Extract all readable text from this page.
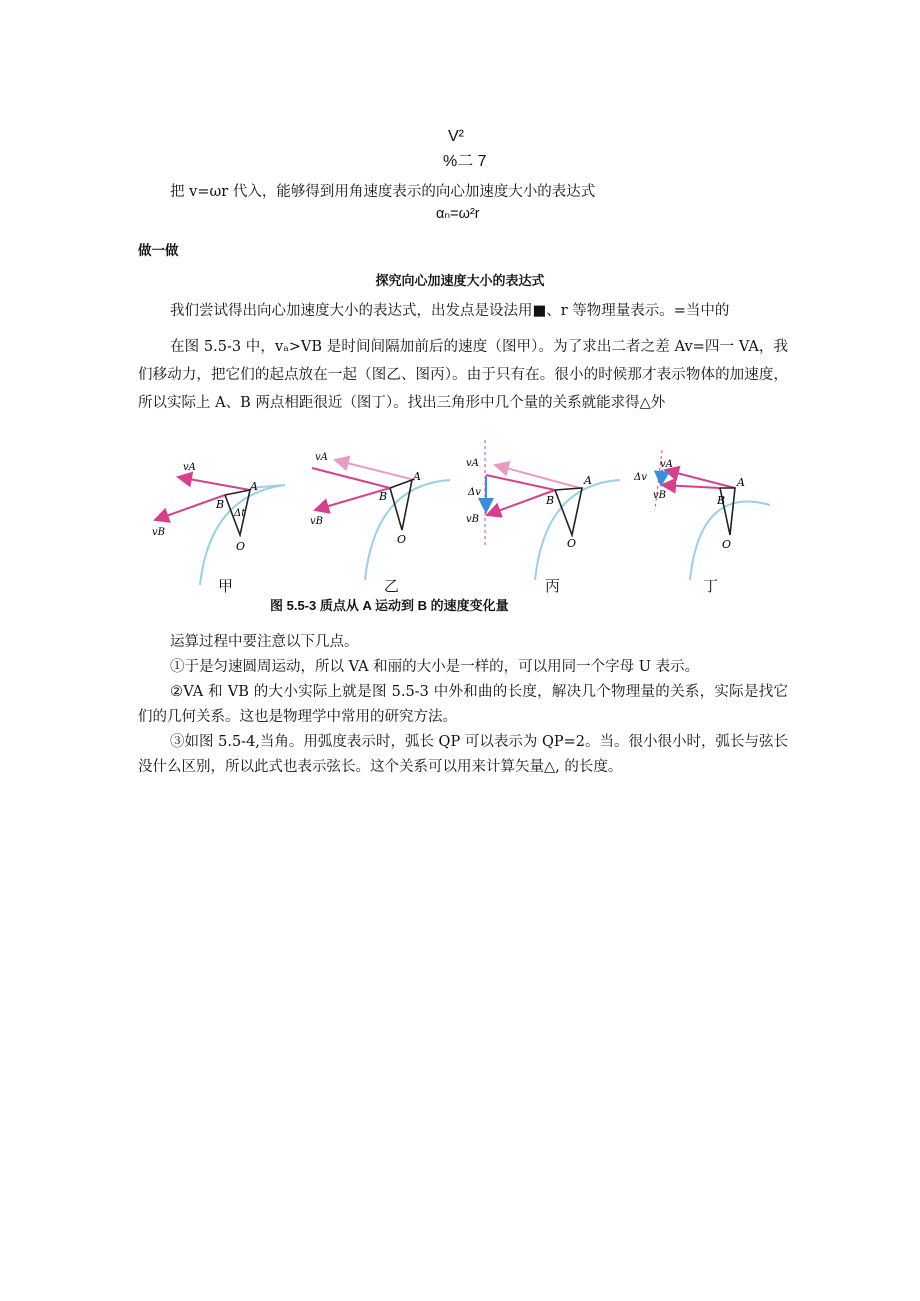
V²
%二 7
把 v=ωr 代入，能够得到用角速度表示的向心加速度大小的表达式
αₙ=ω²r
做一做
探究向心加速度大小的表达式

我们尝试得出向心加速度大小的表达式，出发点是设法用■、r 等物理量表示。=当中的

在图 5.5-3 中，vₐ>VB 是时间间隔加前后的速度（图甲）。为了求出二者之差 Av=四一 VA，我们移动力，把它们的起点放在一起（图乙、图丙）。由于只有在。很小的时候那才表示物体的加速度，所以实际上 A、B 两点相距很近（图丁）。找出三角形中几个量的关系就能求得△外

vA
vB
A
B
Δt
O
vA
vB
A
B
O
vA
Δv
vB
A
B
O
vA
Δv
vB
A
B
O
甲	乙	丙	丁
图 5.5-3 质点从 A 运动到 B 的速度变化量

运算过程中要注意以下几点。

①于是匀速圆周运动，所以 VA 和丽的大小是一样的，可以用同一个字母 U 表示。

②VA 和 VB 的大小实际上就是图 5.5-3 中外和曲的长度，解决几个物理量的关系，实际是找它们的几何关系。这也是物理学中常用的研究方法。

③如图 5.5-4,当角。用弧度表示时，弧长 QP 可以表示为 QP=2。当。很小很小时，弧长与弦长没什么区别，所以此式也表示弦长。这个关系可以用来计算矢量△, 的长度。
